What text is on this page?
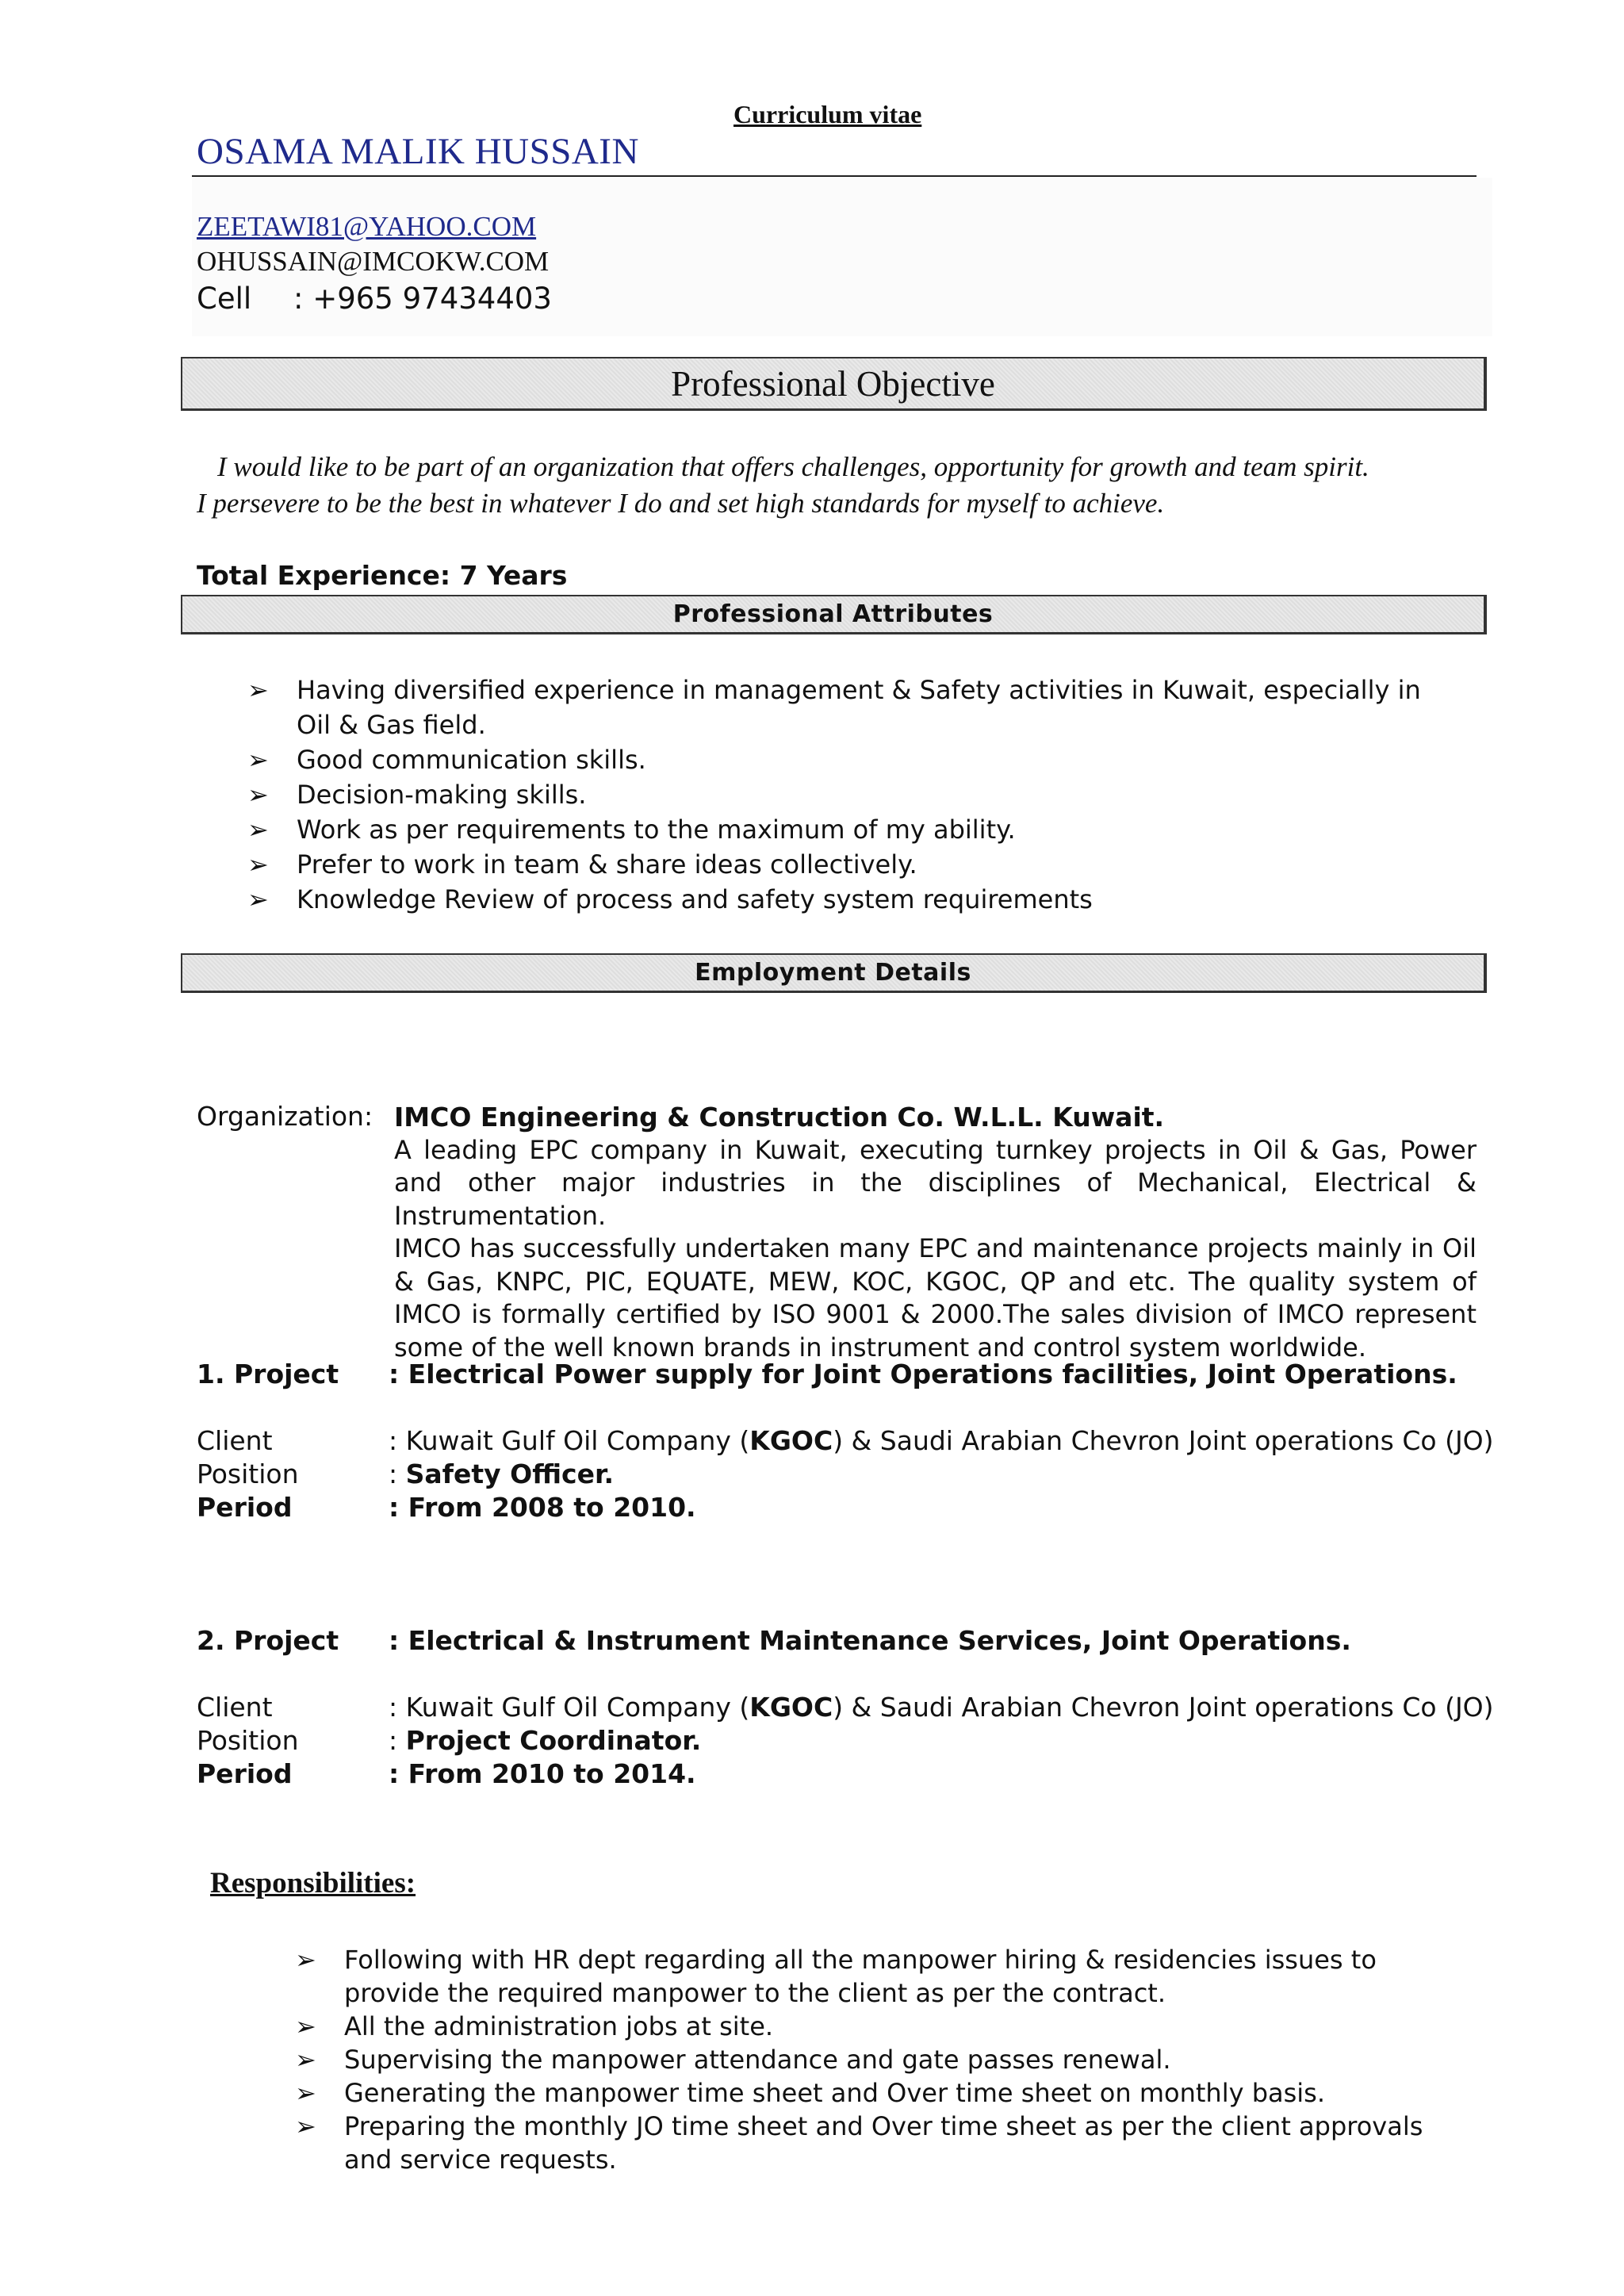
Curriculum vitae
OSAMA MALIK HUSSAIN
ZEETAWI81@YAHOO.COM
OHUSSAIN@IMCOKW.COM
Cell : +965 97434403
Professional Objective
I would like to be part of an organization that offers challenges, opportunity for growth and team spirit.
I persevere to be the best in whatever I do and set high standards for myself to achieve.
Total Experience: 7 Years
Professional Attributes
➢ Having diversified experience in management & Safety activities in Kuwait, especially in Oil & Gas field.
➢ Good communication skills.
➢ Decision-making skills.
➢ Work as per requirements to the maximum of my ability.
➢ Prefer to work in team & share ideas collectively.
➢ Knowledge Review of process and safety system requirements
Employment Details
Organization: IMCO Engineering & Construction Co. W.L.L. Kuwait.
A leading EPC company in Kuwait, executing turnkey projects in Oil & Gas, Power and other major industries in the disciplines of Mechanical, Electrical & Instrumentation.
IMCO has successfully undertaken many EPC and maintenance projects mainly in Oil & Gas, KNPC, PIC, EQUATE, MEW, KOC, KGOC, QP and etc. The quality system of IMCO is formally certified by ISO 9001 & 2000.The sales division of IMCO represent some of the well known brands in instrument and control system worldwide.
1. Project : Electrical Power supply for Joint Operations facilities, Joint Operations.
Client	: Kuwait Gulf Oil Company (KGOC) & Saudi Arabian Chevron Joint operations Co (JO)
Position	: Safety Officer.
Period	: From 2008 to 2010.
2. Project : Electrical & Instrument Maintenance Services, Joint Operations.
Client	: Kuwait Gulf Oil Company (KGOC) & Saudi Arabian Chevron Joint operations Co (JO)
Position	: Project Coordinator.
Period	: From 2010 to 2014.
Responsibilities:
➢ Following with HR dept regarding all the manpower hiring & residencies issues to provide the required manpower to the client as per the contract.
➢ All the administration jobs at site.
➢ Supervising the manpower attendance and gate passes renewal.
➢ Generating the manpower time sheet and Over time sheet on monthly basis.
➢ Preparing the monthly JO time sheet and Over time sheet as per the client approvals and service requests.
